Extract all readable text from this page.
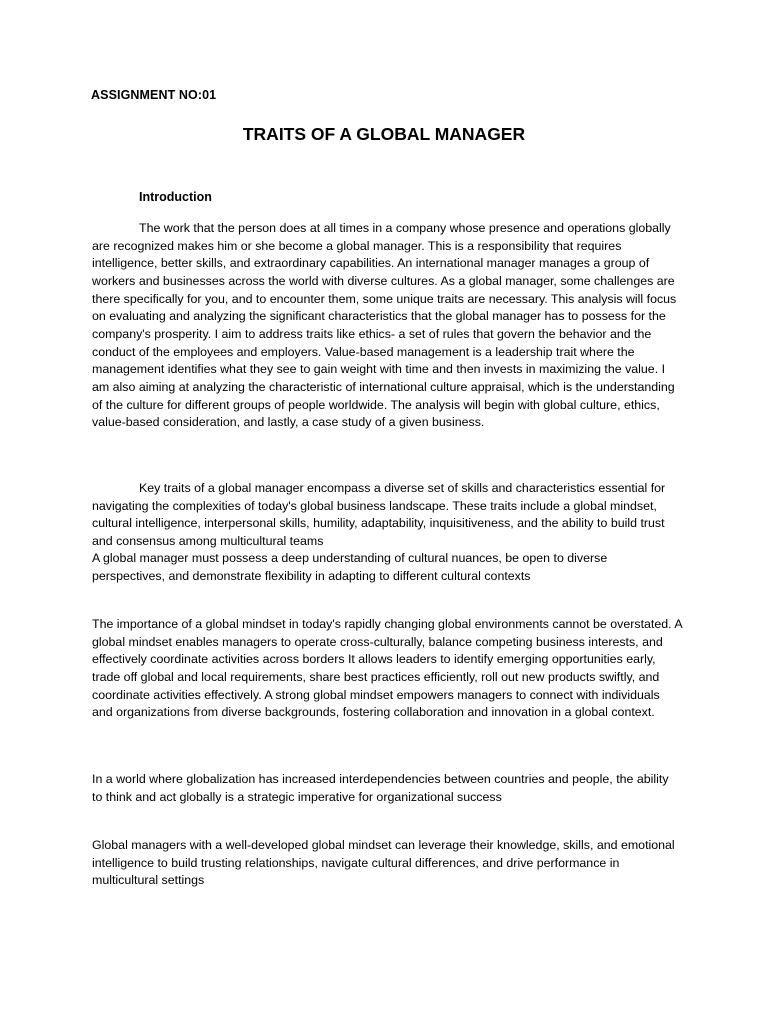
ASSIGNMENT NO:01
TRAITS OF A GLOBAL MANAGER
Introduction

The work that the person does at all times in a company whose presence and operations globally are recognized makes him or she become a global manager. This is a responsibility that requires intelligence, better skills, and extraordinary capabilities. An international manager manages a group of workers and businesses across the world with diverse cultures. As a global manager, some challenges are there specifically for you, and to encounter them, some unique traits are necessary. This analysis will focus on evaluating and analyzing the significant characteristics that the global manager has to possess for the company's prosperity. I aim to address traits like ethics- a set of rules that govern the behavior and the conduct of the employees and employers. Value-based management is a leadership trait where the management identifies what they see to gain weight with time and then invests in maximizing the value. I am also aiming at analyzing the characteristic of international culture appraisal, which is the understanding of the culture for different groups of people worldwide. The analysis will begin with global culture, ethics, value-based consideration, and lastly, a case study of a given business.

Key traits of a global manager encompass a diverse set of skills and characteristics essential for navigating the complexities of today's global business landscape. These traits include a global mindset, cultural intelligence, interpersonal skills, humility, adaptability, inquisitiveness, and the ability to build trust and consensus among multicultural teams

A global manager must possess a deep understanding of cultural nuances, be open to diverse perspectives, and demonstrate flexibility in adapting to different cultural contexts

The importance of a global mindset in today's rapidly changing global environments cannot be overstated. A global mindset enables managers to operate cross-culturally, balance competing business interests, and effectively coordinate activities across borders It allows leaders to identify emerging opportunities early, trade off global and local requirements, share best practices efficiently, roll out new products swiftly, and coordinate activities effectively. A strong global mindset empowers managers to connect with individuals and organizations from diverse backgrounds, fostering collaboration and innovation in a global context.

In a world where globalization has increased interdependencies between countries and people, the ability to think and act globally is a strategic imperative for organizational success

Global managers with a well-developed global mindset can leverage their knowledge, skills, and emotional intelligence to build trusting relationships, navigate cultural differences, and drive performance in multicultural settings
